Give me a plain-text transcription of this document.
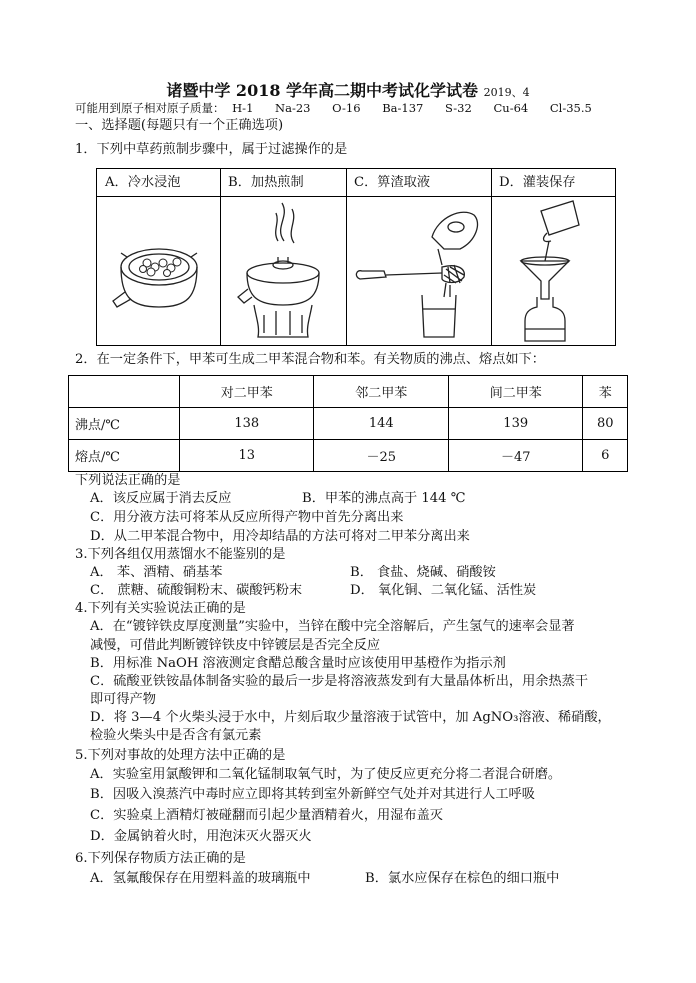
诸暨中学 2018 学年高二期中考试化学试卷 2019、4
可能用到原子相对原子质量： H-1 Na-23 O-16 Ba-137 S-32 Cu-64 Cl-35.5
一、选择题(每题只有一个正确选项)
1．下列中草药煎制步骤中，属于过滤操作的是
A．冷水浸泡	B．加热煎制	C．箅渣取液	D．灌装保存
2．在一定条件下，甲苯可生成二甲苯混合物和苯。有关物质的沸点、熔点如下：
	对二甲苯	邻二甲苯	间二甲苯	苯
沸点/℃	138	144	139	80
熔点/℃	13	－25	－47	6
下列说法正确的是
A．该反应属于消去反应	B．甲苯的沸点高于 144 ℃
C．用分液方法可将苯从反应所得产物中首先分离出来
D．从二甲苯混合物中，用冷却结晶的方法可将对二甲苯分离出来
3.下列各组仅用蒸馏水不能鉴别的是
A． 苯、酒精、硝基苯	B． 食盐、烧碱、硝酸铵
C． 蔗糖、硫酸铜粉末、碳酸钙粉末	D． 氧化铜、二氧化锰、活性炭
4.下列有关实验说法正确的是
A．在“镀锌铁皮厚度测量”实验中，当锌在酸中完全溶解后，产生氢气的速率会显著
减慢，可借此判断镀锌铁皮中锌镀层是否完全反应
B．用标准 NaOH 溶液测定食醋总酸含量时应该使用甲基橙作为指示剂
C．硫酸亚铁铵晶体制备实验的最后一步是将溶液蒸发到有大量晶体析出，用余热蒸干
即可得产物
D．将 3—4 个火柴头浸于水中，片刻后取少量溶液于试管中，加 AgNO₃溶液、稀硝酸，
检验火柴头中是否含有氯元素
5.下列对事故的处理方法中正确的是
A．实验室用氯酸钾和二氧化锰制取氧气时，为了使反应更充分将二者混合研磨。
B．因吸入溴蒸汽中毒时应立即将其转到室外新鲜空气处并对其进行人工呼吸
C．实验桌上酒精灯被碰翻而引起少量酒精着火，用湿布盖灭
D．金属钠着火时，用泡沫灭火器灭火
6.下列保存物质方法正确的是
A．氢氟酸保存在用塑料盖的玻璃瓶中	B．氯水应保存在棕色的细口瓶中
